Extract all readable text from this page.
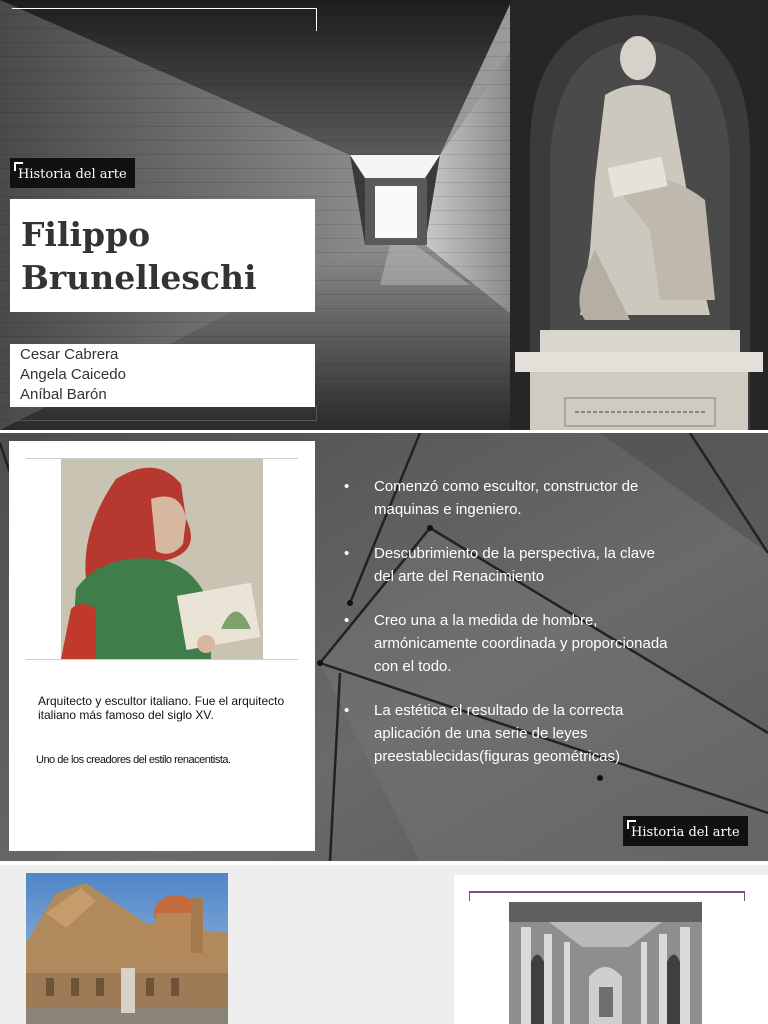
Historia del arte
Filippo
Brunelleschi
Cesar Cabrera
Angela Caicedo
Aníbal Barón

Arquitecto y escultor italiano. Fue el arquitecto italiano más famoso del siglo XV.

Uno de los creadores del estilo renacentista.

• Comenzó como escultor, constructor de maquinas e ingeniero.
• Descubrimiento de la perspectiva, la clave del arte del Renacimiento
• Creo una a la medida de hombre, armónicamente coordinada y proporcionada con el todo.
• La estética el resultado de la correcta aplicación de una serie de leyes preestablecidas(figuras geométricas)
Historia del arte
